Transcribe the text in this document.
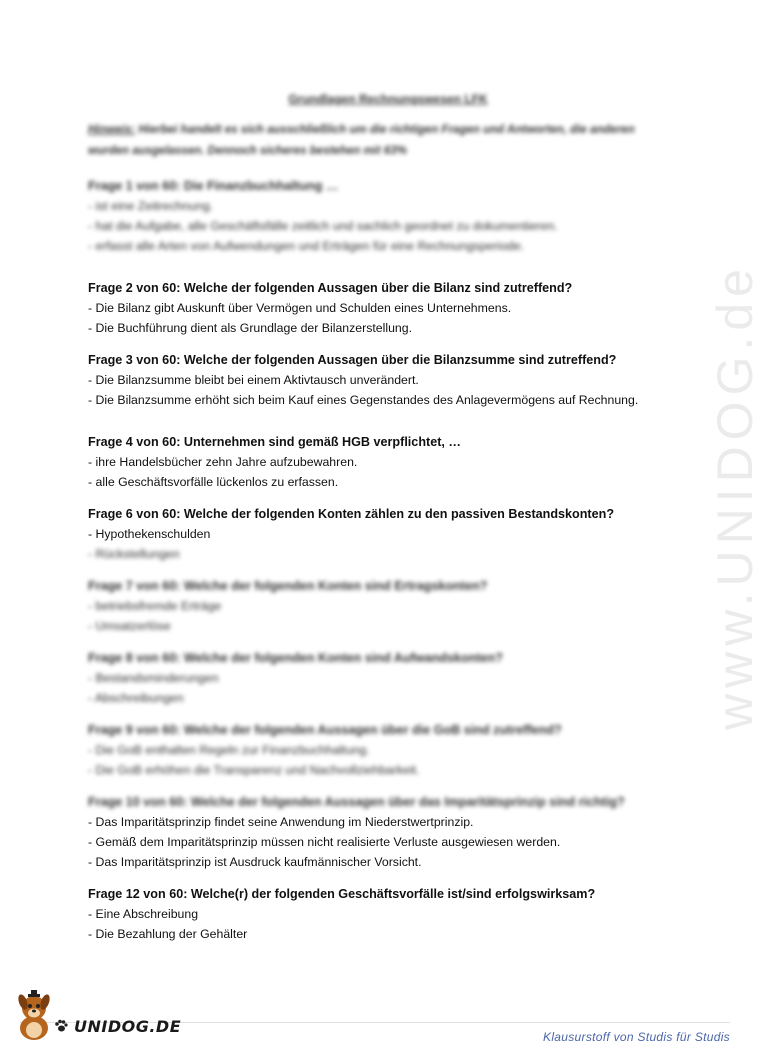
Grundlagen Rechnungswesen LFK
Hinweis: Hierbei handelt es sich ausschließlich um die richtigen Fragen und Antworten, die anderen wurden ausgelassen. Dennoch sicheres bestehen mit 63%
Frage 1 von 60: Die Finanzbuchhaltung …
- ist eine Zeitrechnung.
- hat die Aufgabe, alle Geschäftsfälle zeitlich und sachlich geordnet zu dokumentieren.
- erfasst alle Arten von Aufwendungen und Erträgen für eine Rechnungsperiode.
Frage 2 von 60: Welche der folgenden Aussagen über die Bilanz sind zutreffend?
- Die Bilanz gibt Auskunft über Vermögen und Schulden eines Unternehmens.
- Die Buchführung dient als Grundlage der Bilanzerstellung.
Frage 3 von 60: Welche der folgenden Aussagen über die Bilanzsumme sind zutreffend?
- Die Bilanzsumme bleibt bei einem Aktivtausch unverändert.
- Die Bilanzsumme erhöht sich beim Kauf eines Gegenstandes des Anlagevermögens auf Rechnung.
Frage 4 von 60: Unternehmen sind gemäß HGB verpflichtet, …
- ihre Handelsbücher zehn Jahre aufzubewahren.
- alle Geschäftsvorfälle lückenlos zu erfassen.
Frage 6 von 60: Welche der folgenden Konten zählen zu den passiven Bestandskonten?
- Hypothekenschulden
- Rückstellungen
Frage 7 von 60: Welche der folgenden Konten sind Ertragskonten?
- betriebsfremde Erträge
- Umsatzerlöse
Frage 8 von 60: Welche der folgenden Konten sind Aufwandskonten?
- Bestandsminderungen
- Abschreibungen
Frage 9 von 60: Welche der folgenden Aussagen über die GoB sind zutreffend?
- Die GoB enthalten Regeln zur Finanzbuchhaltung.
- Die GoB erhöhen die Transparenz und Nachvollziehbarkeit.
Frage 10 von 60: Welche der folgenden Aussagen über das Imparitätsprinzip sind richtig?
- Das Imparitätsprinzip findet seine Anwendung im Niederstwertprinzip.
- Gemäß dem Imparitätsprinzip müssen nicht realisierte Verluste ausgewiesen werden.
- Das Imparitätsprinzip ist Ausdruck kaufmännischer Vorsicht.
Frage 12 von 60: Welche(r) der folgenden Geschäftsvorfälle ist/sind erfolgswirksam?
- Eine Abschreibung
- Die Bezahlung der Gehälter
www.UNIDOG.de
UNIDOG.DE
Klausurstoff von Studis für Studis
